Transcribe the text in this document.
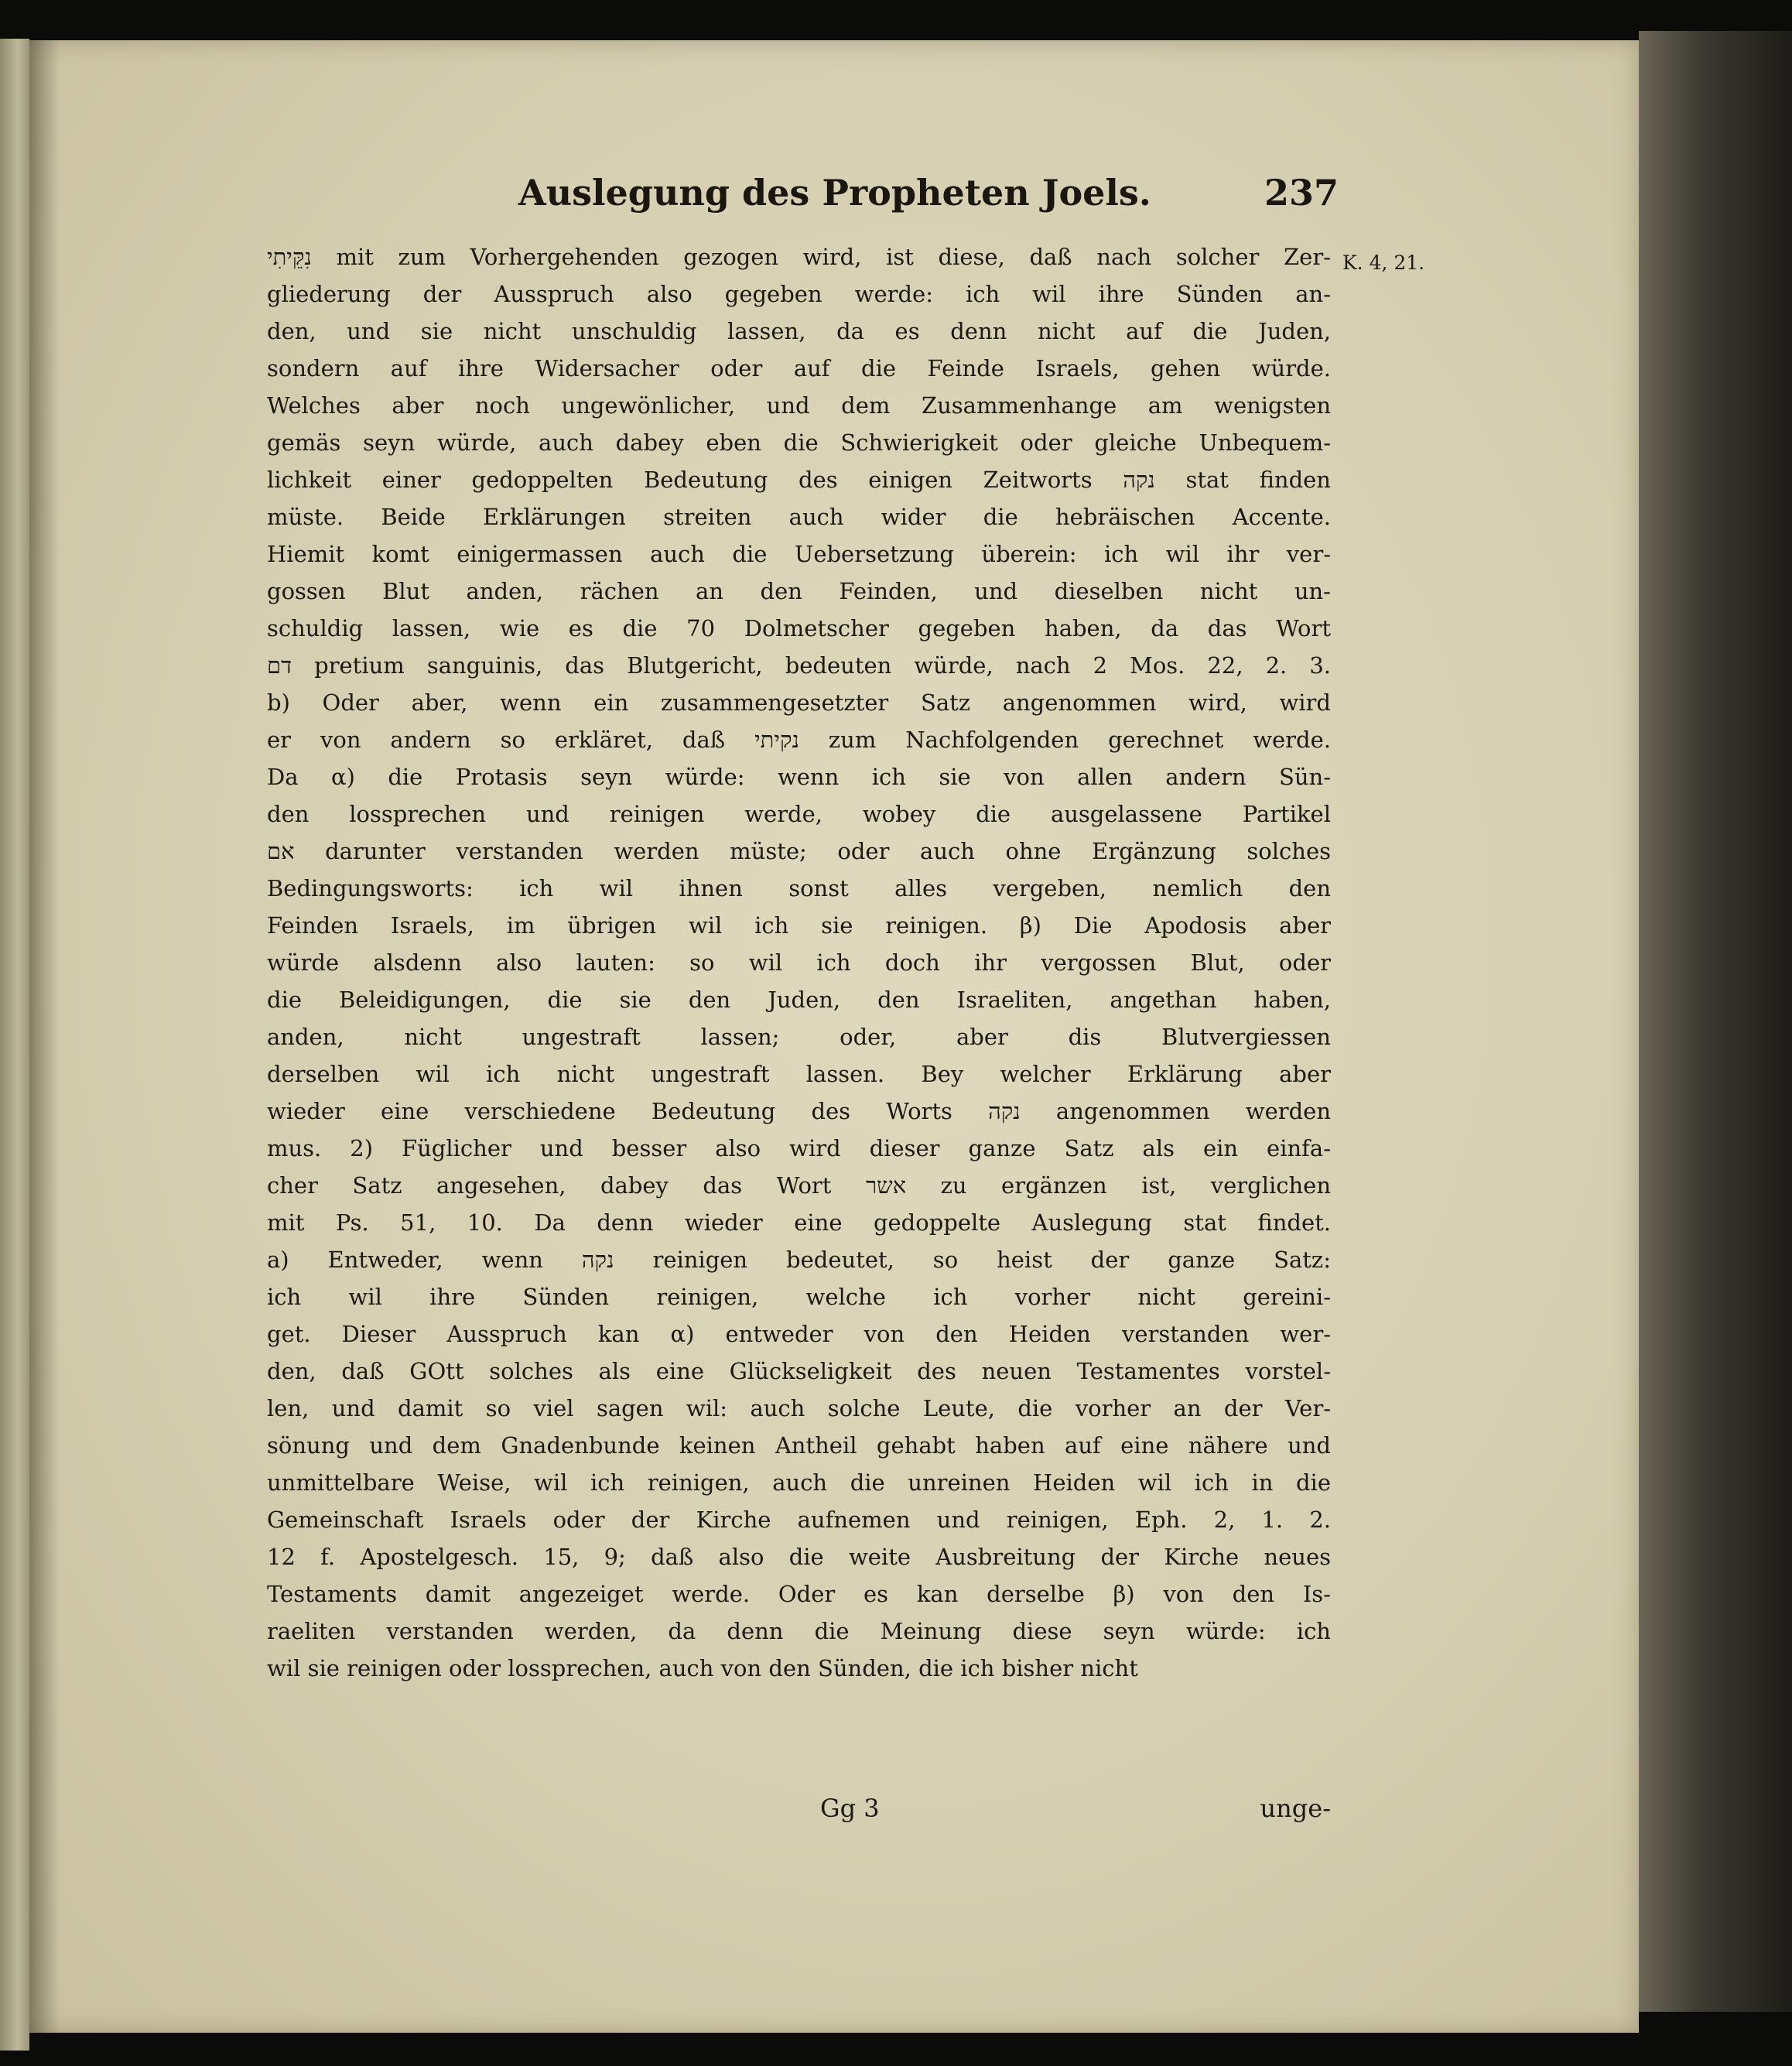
Auslegung des Propheten Joels.	237
K. 4, 21.
נִקֵּיתִי mit zum Vorhergehenden gezogen wird, ist diese, daß nach solcher Zer-
gliederung der Ausspruch also gegeben werde: ich wil ihre Sünden an-
den, und sie nicht unschuldig lassen, da es denn nicht auf die Juden,
sondern auf ihre Widersacher oder auf die Feinde Israels, gehen würde.
Welches aber noch ungewönlicher, und dem Zusammenhange am wenigsten
gemäs seyn würde, auch dabey eben die Schwierigkeit oder gleiche Unbequem-
lichkeit einer gedoppelten Bedeutung des einigen Zeitworts נקה stat finden
müste. Beide Erklärungen streiten auch wider die hebräischen Accente.
Hiemit komt einigermassen auch die Uebersetzung überein: ich wil ihr ver-
gossen Blut anden, rächen an den Feinden, und dieselben nicht un-
schuldig lassen, wie es die 70 Dolmetscher gegeben haben, da das Wort
דם pretium sanguinis, das Blutgericht, bedeuten würde, nach 2 Mos. 22, 2. 3.
b) Oder aber, wenn ein zusammengesetzter Satz angenommen wird, wird
er von andern so erkläret, daß נקיתי zum Nachfolgenden gerechnet werde.
Da α) die Protasis seyn würde: wenn ich sie von allen andern Sün-
den lossprechen und reinigen werde, wobey die ausgelassene Partikel
אם darunter verstanden werden müste; oder auch ohne Ergänzung solches
Bedingungsworts: ich wil ihnen sonst alles vergeben, nemlich den
Feinden Israels, im übrigen wil ich sie reinigen. β) Die Apodosis aber
würde alsdenn also lauten: so wil ich doch ihr vergossen Blut, oder
die Beleidigungen, die sie den Juden, den Israeliten, angethan haben,
anden, nicht ungestraft lassen; oder, aber dis Blutvergiessen
derselben wil ich nicht ungestraft lassen. Bey welcher Erklärung aber
wieder eine verschiedene Bedeutung des Worts נקה angenommen werden
mus. 2) Füglicher und besser also wird dieser ganze Satz als ein einfa-
cher Satz angesehen, dabey das Wort אשר zu ergänzen ist, verglichen
mit Ps. 51, 10. Da denn wieder eine gedoppelte Auslegung stat findet.
a) Entweder, wenn נקה reinigen bedeutet, so heist der ganze Satz:
ich wil ihre Sünden reinigen, welche ich vorher nicht gereini-
get. Dieser Ausspruch kan α) entweder von den Heiden verstanden wer-
den, daß GOtt solches als eine Glückseligkeit des neuen Testamentes vorstel-
len, und damit so viel sagen wil: auch solche Leute, die vorher an der Ver-
sönung und dem Gnadenbunde keinen Antheil gehabt haben auf eine nähere und
unmittelbare Weise, wil ich reinigen, auch die unreinen Heiden wil ich in die
Gemeinschaft Israels oder der Kirche aufnemen und reinigen, Eph. 2, 1. 2.
12 f. Apostelgesch. 15, 9; daß also die weite Ausbreitung der Kirche neues
Testaments damit angezeiget werde. Oder es kan derselbe β) von den Is-
raeliten verstanden werden, da denn die Meinung diese seyn würde: ich
wil sie reinigen oder lossprechen, auch von den Sünden, die ich bisher nicht
Gg 3	unge-
